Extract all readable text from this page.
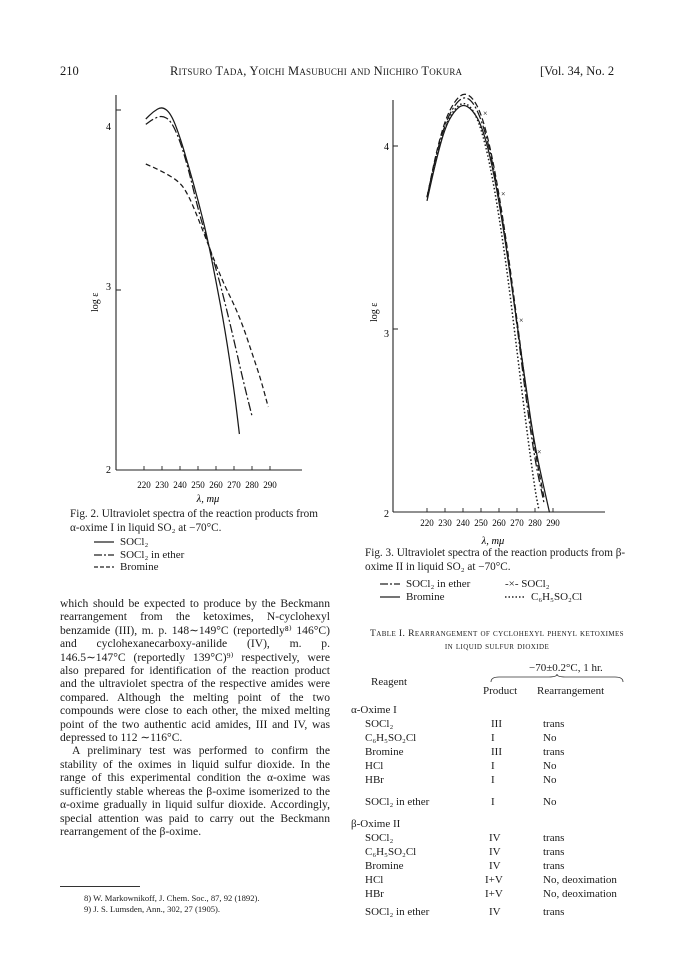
210	Ritsuro Tada, Yoichi Masubuchi and Niichiro Tokura	[Vol. 34, No. 2
4
3
2
log ε
220 230 240 250 260 270 280 290
λ, mμ
Fig. 2. Ultraviolet spectra of the reaction products from α-oxime I in liquid SO₂ at −70°C.
SOCl₂
SOCl₂ in ether
Bromine
×
×
×
×
4
3
2
log ε
220 230 240 250 260 270 280 290
λ, mμ
Fig. 3. Ultraviolet spectra of the reaction products from β-oxime II in liquid SO₂ at −70°C.
SOCl₂ in ether	-×- SOCl₂
Bromine	C₆H₅SO₂Cl

which should be expected to produce by the Beckmann rearrangement from the ketoximes, N-cyclohexyl benzamide (III), m. p. 148∼149°C (reportedly⁸⁾ 146°C) and cyclohexanecarboxy-anilide (IV), m. p. 146.5∼147°C (reportedly 139°C)⁹⁾ respectively, were also prepared for identification of the reaction product and the ultraviolet spectra of the respective amides were compared. Although the melting point of the two compounds were close to each other, the mixed melting point of the two authentic acid amides, III and IV, was depressed to 112 ∼116°C.

A preliminary test was performed to confirm the stability of the oximes in liquid sulfur dioxide. In the range of this experimental condition the α-oxime was sufficiently stable whereas the β-oxime isomerized to the α-oxime gradually in liquid sulfur dioxide. Accordingly, special attention was paid to carry out the Beckmann rearrangement of the β-oxime.

8) W. Markownikoff, J. Chem. Soc., 87, 92 (1892).
9) J. S. Lumsden, Ann., 302, 27 (1905).
Table I. Rearrangement of cyclohexyl phenyl ketoximes in liquid sulfur dioxide
−70±0.2°C, 1 hr.
Reagent
Product Rearrangement
α-Oxime I
SOCl₂	III	trans
C₆H₅SO₂Cl	I	No
Bromine	III	trans
HCl	I	No
HBr	I	No
SOCl₂ in ether	I	No
β-Oxime II
SOCl₂	IV	trans
C₆H₅SO₂Cl	IV	trans
Bromine	IV	trans
HCl	I+V	No, deoximation
HBr	I+V	No, deoximation
SOCl₂ in ether	IV	trans
